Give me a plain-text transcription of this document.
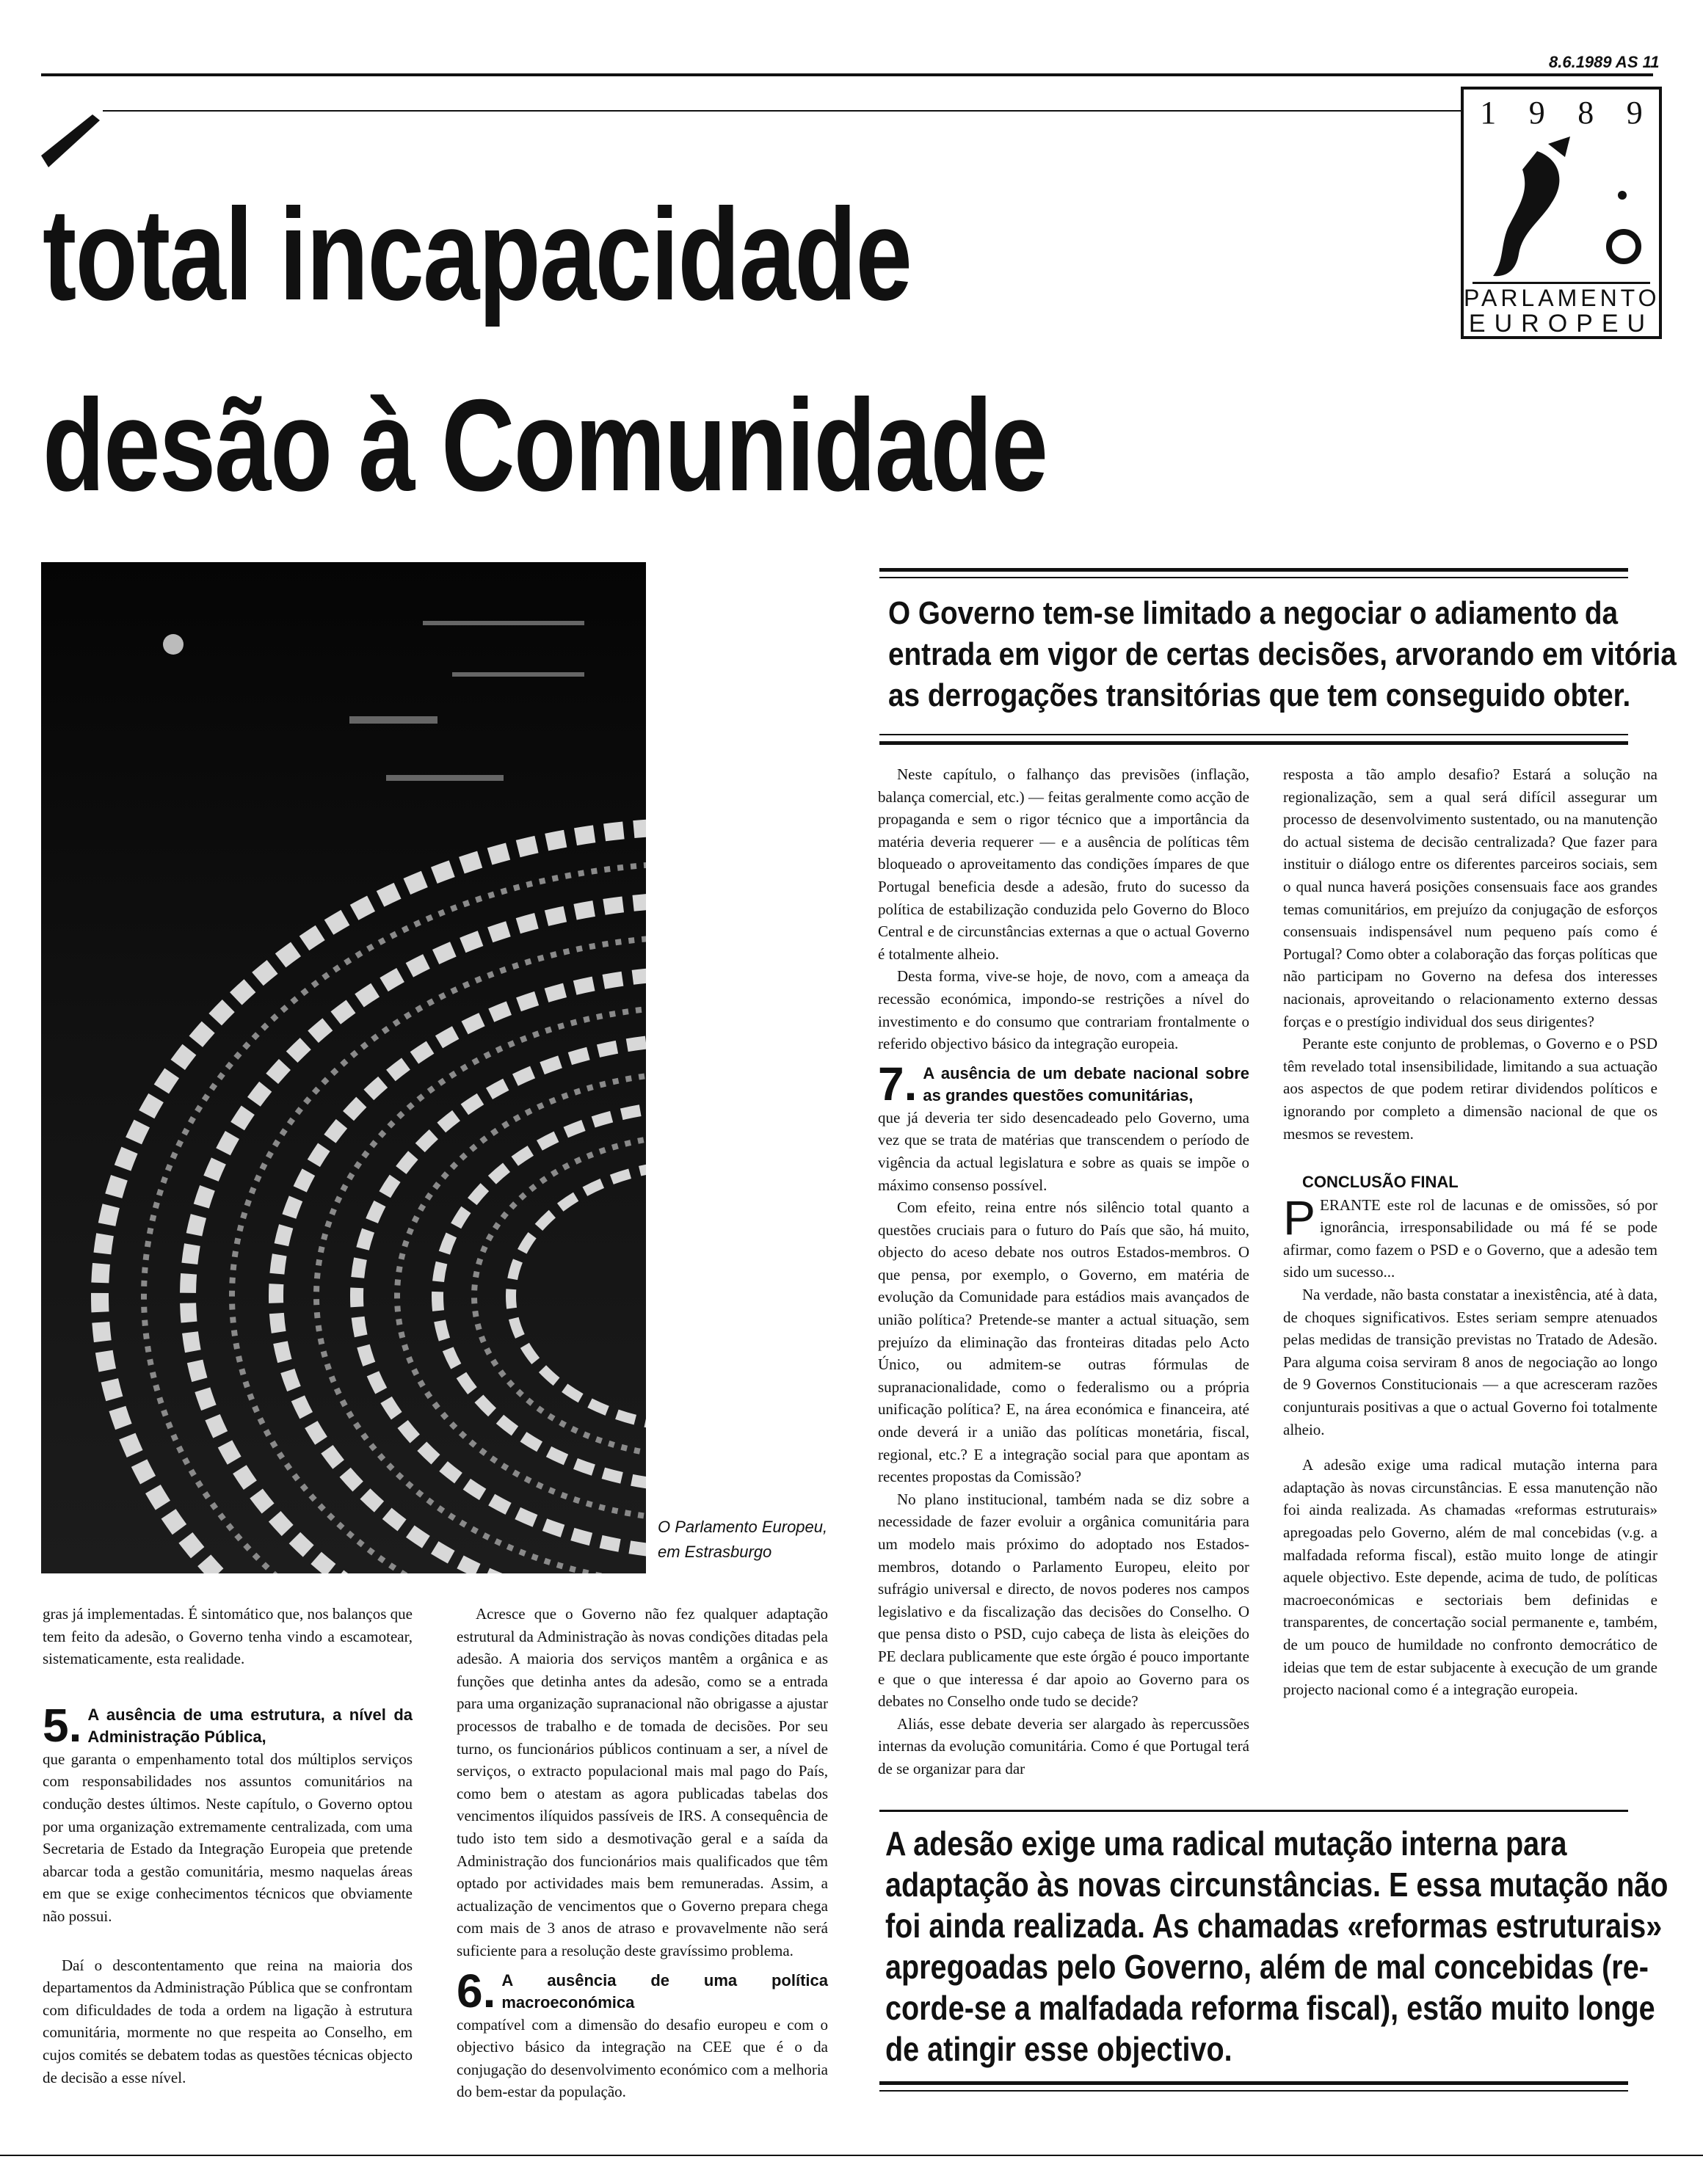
8.6.1989 AS 11
1 9 8 9
PARLAMENTO
EUROPEU
total incapacidade
desão à Comunidade
O Parlamento Europeu,
em Estrasburgo
O Governo tem-se limitado a negociar o adiamento da
entrada em vigor de certas decisões, arvorando em vitória
as derrogações transitórias que tem conseguido obter.

gras já implementadas. É sintomático que, nos balanços que tem feito da adesão, o Governo tenha vindo a escamotear, sistematicamente, esta realidade.

5. A ausência de uma estrutura, a nível da Administração Pública,

que garanta o empenhamento total dos múltiplos serviços com responsabilidades nos assuntos comunitários na condução destes últimos. Neste capítulo, o Governo optou por uma organização extremamente centralizada, com uma Secretaria de Estado da Integração Europeia que pretende abarcar toda a gestão comunitária, mesmo naquelas áreas em que se exige conhecimentos técnicos que obviamente não possui.

Daí o descontentamento que reina na maioria dos departamentos da Administração Pública que se confrontam com dificuldades de toda a ordem na ligação à estrutura comunitária, mormente no que respeita ao Conselho, em cujos comités se debatem todas as questões técnicas objecto de decisão a esse nível.

Acresce que o Governo não fez qualquer adaptação estrutural da Administração às novas condições ditadas pela adesão. A maioria dos serviços mantêm a orgânica e as funções que detinha antes da adesão, como se a entrada para uma organização supranacional não obrigasse a ajustar processos de trabalho e de tomada de decisões. Por seu turno, os funcionários públicos continuam a ser, a nível de serviços, o extracto populacional mais mal pago do País, como bem o atestam as agora publicadas tabelas dos vencimentos ilíquidos passíveis de IRS. A consequência de tudo isto tem sido a desmotivação geral e a saída da Administração dos funcionários mais qualificados que têm optado por actividades mais bem remuneradas. Assim, a actualização de vencimentos que o Governo prepara chega com mais de 3 anos de atraso e provavelmente não será suficiente para a resolução deste gravíssimo problema.

6. A ausência de uma política macroeconómica

compatível com a dimensão do desafio europeu e com o objectivo básico da integração na CEE que é o da conjugação do desenvolvimento económico com a melhoria do bem-estar da população.

Neste capítulo, o falhanço das previsões (inflação, balança comercial, etc.) — feitas geralmente como acção de propaganda e sem o rigor técnico que a importância da matéria deveria requerer — e a ausência de políticas têm bloqueado o aproveitamento das condições ímpares de que Portugal beneficia desde a adesão, fruto do sucesso da política de estabilização conduzida pelo Governo do Bloco Central e de circunstâncias externas a que o actual Governo é totalmente alheio.

Desta forma, vive-se hoje, de novo, com a ameaça da recessão económica, impondo-se restrições a nível do investimento e do consumo que contrariam frontalmente o referido objectivo básico da integração europeia.

7. A ausência de um debate nacional sobre as grandes questões comunitárias,

que já deveria ter sido desencadeado pelo Governo, uma vez que se trata de matérias que transcendem o período de vigência da actual legislatura e sobre as quais se impõe o máximo consenso possível.

Com efeito, reina entre nós silêncio total quanto a questões cruciais para o futuro do País que são, há muito, objecto do aceso debate nos outros Estados-membros. O que pensa, por exemplo, o Governo, em matéria de evolução da Comunidade para estádios mais avançados de união política? Pretende-se manter a actual situação, sem prejuízo da eliminação das fronteiras ditadas pelo Acto Único, ou admitem-se outras fórmulas de supranacionalidade, como o federalismo ou a própria unificação política? E, na área económica e financeira, até onde deverá ir a união das políticas monetária, fiscal, regional, etc.? E a integração social para que apontam as recentes propostas da Comissão?

No plano institucional, também nada se diz sobre a necessidade de fazer evoluir a orgânica comunitária para um modelo mais próximo do adoptado nos Estados-membros, dotando o Parlamento Europeu, eleito por sufrágio universal e directo, de novos poderes nos campos legislativo e da fiscalização das decisões do Conselho. O que pensa disto o PSD, cujo cabeça de lista às eleições do PE declara publicamente que este órgão é pouco importante e que o que interessa é dar apoio ao Governo para os debates no Conselho onde tudo se decide?

Aliás, esse debate deveria ser alargado às repercussões internas da evolução comunitária. Como é que Portugal terá de se organizar para dar

resposta a tão amplo desafio? Estará a solução na regionalização, sem a qual será difícil assegurar um processo de desenvolvimento sustentado, ou na manutenção do actual sistema de decisão centralizada? Que fazer para instituir o diálogo entre os diferentes parceiros sociais, sem o qual nunca haverá posições consensuais face aos grandes temas comunitários, em prejuízo da conjugação de esforços consensuais indispensável num pequeno país como é Portugal? Como obter a colaboração das forças políticas que não participam no Governo na defesa dos interesses nacionais, aproveitando o relacionamento externo dessas forças e o prestígio individual dos seus dirigentes?

Perante este conjunto de problemas, o Governo e o PSD têm revelado total insensibilidade, limitando a sua actuação aos aspectos de que podem retirar dividendos políticos e ignorando por completo a dimensão nacional de que os mesmos se revestem.

CONCLUSÃO FINAL

PERANTE este rol de lacunas e de omissões, só por ignorância, irresponsabilidade ou má fé se pode afirmar, como fazem o PSD e o Governo, que a adesão tem sido um sucesso...

Na verdade, não basta constatar a inexistência, até à data, de choques significativos. Estes seriam sempre atenuados pelas medidas de transição previstas no Tratado de Adesão. Para alguma coisa serviram 8 anos de negociação ao longo de 9 Governos Constitucionais — a que acresceram razões conjunturais positivas a que o actual Governo foi totalmente alheio.

A adesão exige uma radical mutação interna para adaptação às novas circunstâncias. E essa manutenção não foi ainda realizada. As chamadas «reformas estruturais» apregoadas pelo Governo, além de mal concebidas (v.g. a malfadada reforma fiscal), estão muito longe de atingir aquele objectivo. Este depende, acima de tudo, de políticas macroeconómicas e sectoriais bem definidas e transparentes, de concertação social permanente e, também, de um pouco de humildade no confronto democrático de ideias que tem de estar subjacente à execução de um grande projecto nacional como é a integração europeia.

A adesão exige uma radical mutação interna para
adaptação às novas circunstâncias. E essa mutação não
foi ainda realizada. As chamadas «reformas estruturais»
apregoadas pelo Governo, além de mal concebidas (re-
corde-se a malfadada reforma fiscal), estão muito longe
de atingir esse objectivo.
